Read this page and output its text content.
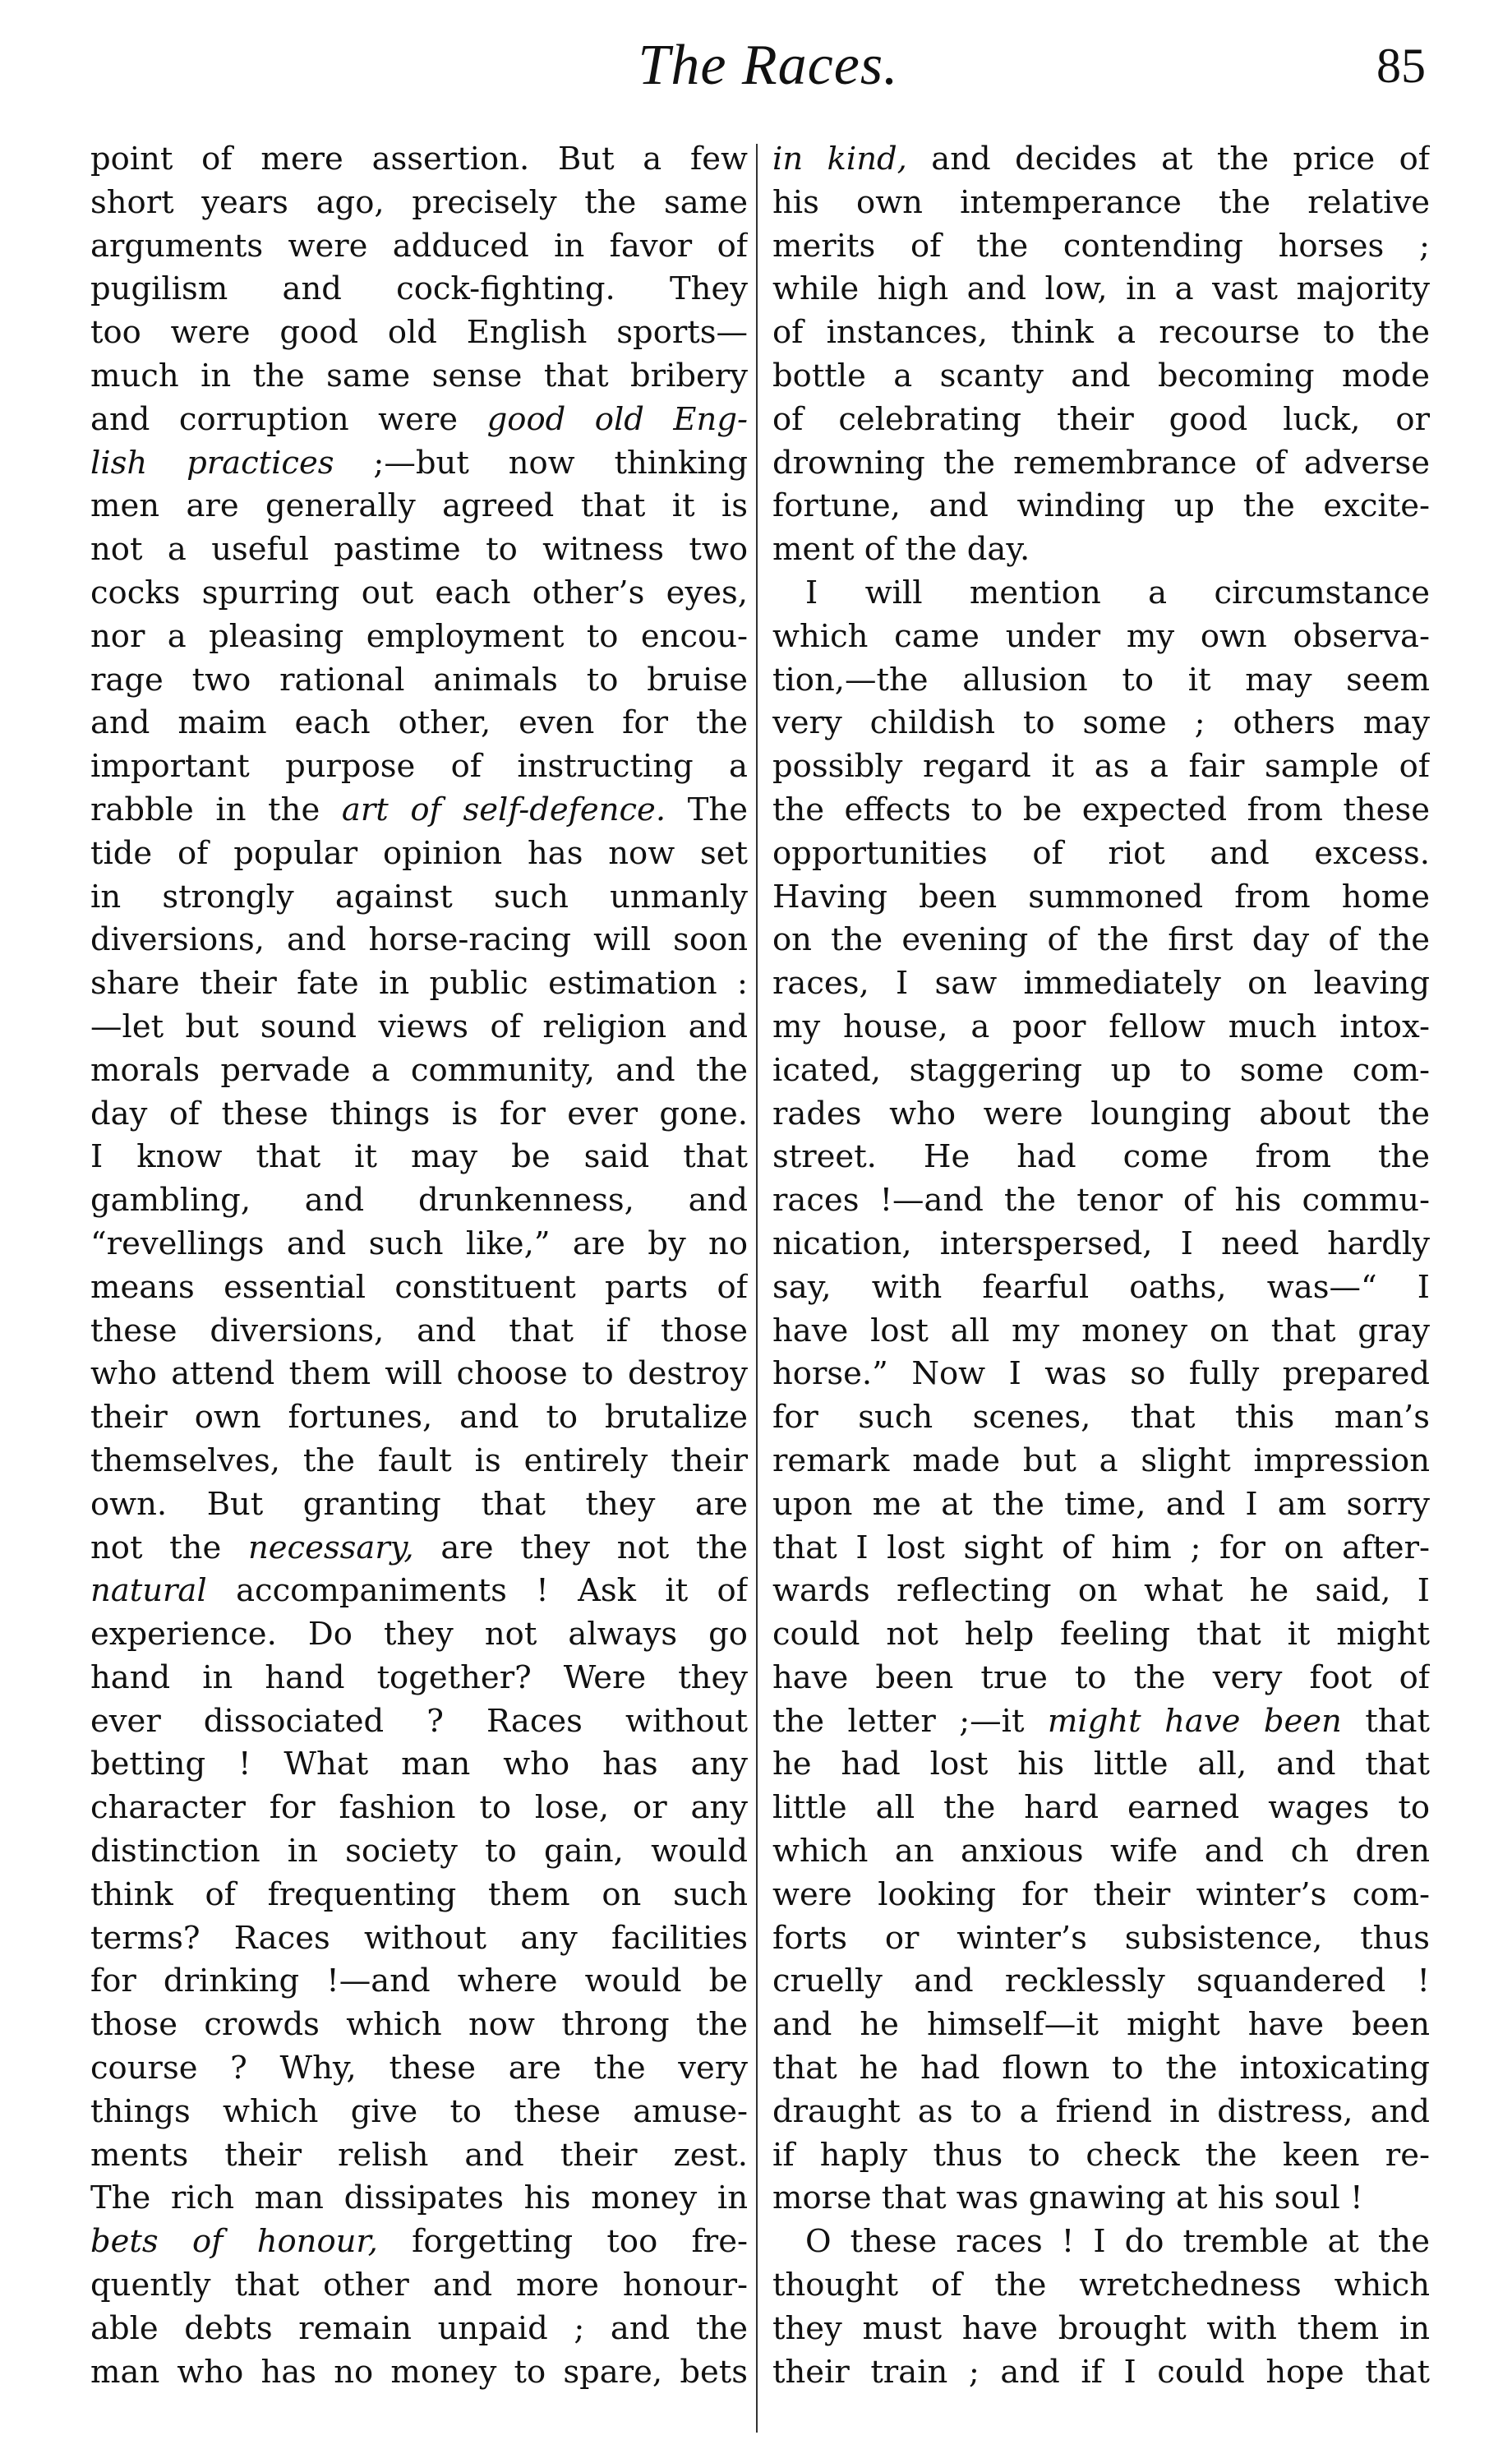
The Races.	85
point of mere assertion. But a few
short years ago, precisely the same
arguments were adduced in favor of
pugilism and cock-fighting. They
too were good old English sports—
much in the same sense that bribery
and corruption were good old Eng-
lish practices ;—but now thinking
men are generally agreed that it is
not a useful pastime to witness two
cocks spurring out each other’s eyes,
nor a pleasing employment to encou-
rage two rational animals to bruise
and maim each other, even for the
important purpose of instructing a
rabble in the art of self-defence. The
tide of popular opinion has now set
in strongly against such unmanly
diversions, and horse-racing will soon
share their fate in public estimation :
—let but sound views of religion and
morals pervade a community, and the
day of these things is for ever gone.
I know that it may be said that
gambling, and drunkenness, and
“revellings and such like,” are by no
means essential constituent parts of
these diversions, and that if those
who attend them will choose to destroy
their own fortunes, and to brutalize
themselves, the fault is entirely their
own. But granting that they are
not the necessary, are they not the
natural accompaniments ! Ask it of
experience. Do they not always go
hand in hand together? Were they
ever dissociated ? Races without
betting ! What man who has any
character for fashion to lose, or any
distinction in society to gain, would
think of frequenting them on such
terms? Races without any facilities
for drinking !—and where would be
those crowds which now throng the
course ? Why, these are the very
things which give to these amuse-
ments their relish and their zest.
The rich man dissipates his money in
bets of honour, forgetting too fre-
quently that other and more honour-
able debts remain unpaid ; and the
man who has no money to spare, bets
in kind, and decides at the price of
his own intemperance the relative
merits of the contending horses ;
while high and low, in a vast majority
of instances, think a recourse to the
bottle a scanty and becoming mode
of celebrating their good luck, or
drowning the remembrance of adverse
fortune, and winding up the excite-
ment of the day.
I will mention a circumstance
which came under my own observa-
tion,—the allusion to it may seem
very childish to some ; others may
possibly regard it as a fair sample of
the effects to be expected from these
opportunities of riot and excess.
Having been summoned from home
on the evening of the first day of the
races, I saw immediately on leaving
my house, a poor fellow much intox-
icated, staggering up to some com-
rades who were lounging about the
street. He had come from the
races !—and the tenor of his commu-
nication, interspersed, I need hardly
say, with fearful oaths, was—“ I
have lost all my money on that gray
horse.” Now I was so fully prepared
for such scenes, that this man’s
remark made but a slight impression
upon me at the time, and I am sorry
that I lost sight of him ; for on after-
wards reflecting on what he said, I
could not help feeling that it might
have been true to the very foot of
the letter ;—it might have been that
he had lost his little all, and that
little all the hard earned wages to
which an anxious wife and ch dren
were looking for their winter’s com-
forts or winter’s subsistence, thus
cruelly and recklessly squandered !
and he himself—it might have been
that he had flown to the intoxicating
draught as to a friend in distress, and
if haply thus to check the keen re-
morse that was gnawing at his soul !
O these races ! I do tremble at the
thought of the wretchedness which
they must have brought with them in
their train ; and if I could hope that
